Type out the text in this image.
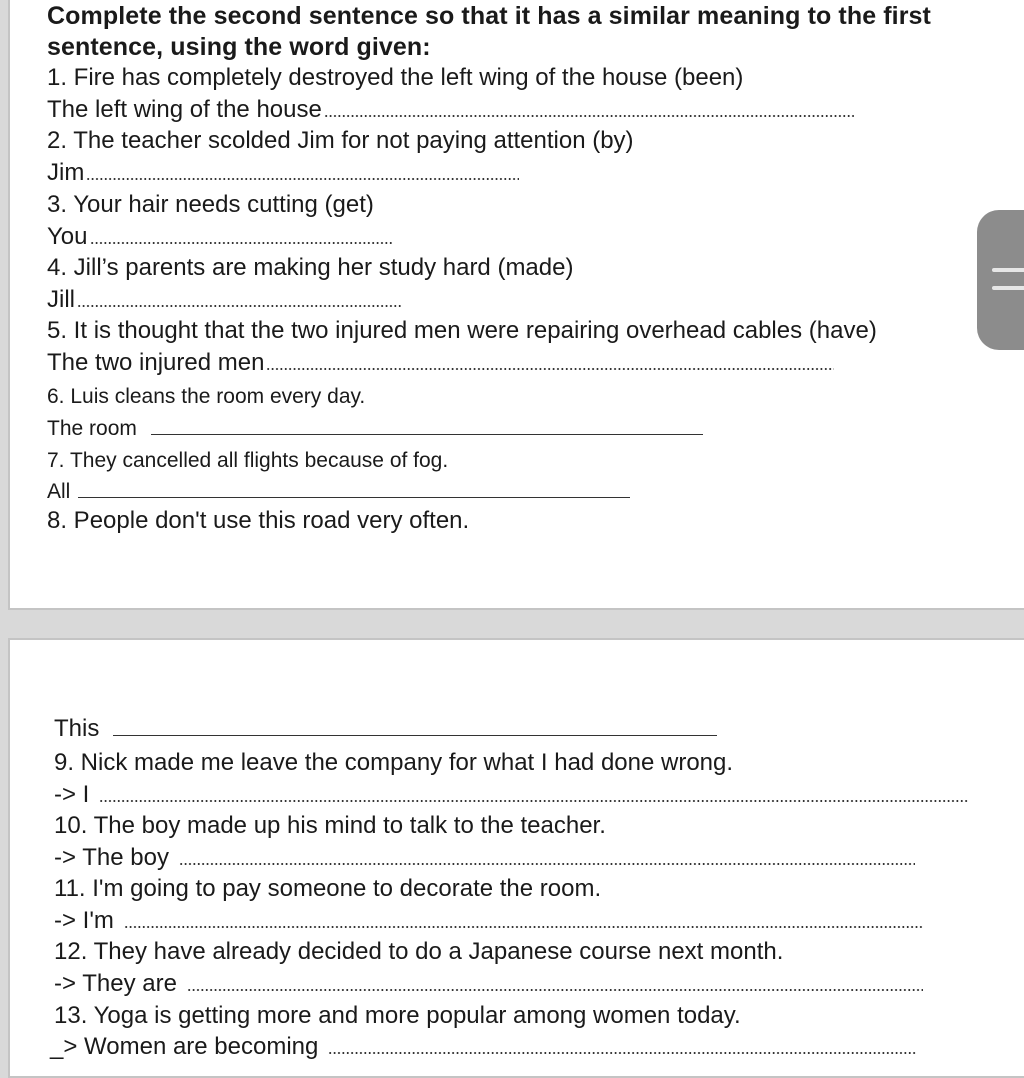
Complete the second sentence so that it has a similar meaning to the first
sentence, using the word given:
1. Fire has completely destroyed the left wing of the house (been)
The left wing of the house
2. The teacher scolded Jim for not paying attention (by)
Jim
3. Your hair needs cutting (get)
You
4. Jill’s parents are making her study hard (made)
Jill
5. It is thought that the two injured men were repairing overhead cables (have)
The two injured men
6. Luis cleans the room every day.
The room
7. They cancelled all flights because of fog.
All
8. People don't use this road very often.
This
9. Nick made me leave the company for what I had done wrong.
-> I
10. The boy made up his mind to talk to the teacher.
-> The boy
11. I'm going to pay someone to decorate the room.
-> I'm
12. They have already decided to do a Japanese course next month.
-> They are
13. Yoga is getting more and more popular among women today.
_> Women are becoming
